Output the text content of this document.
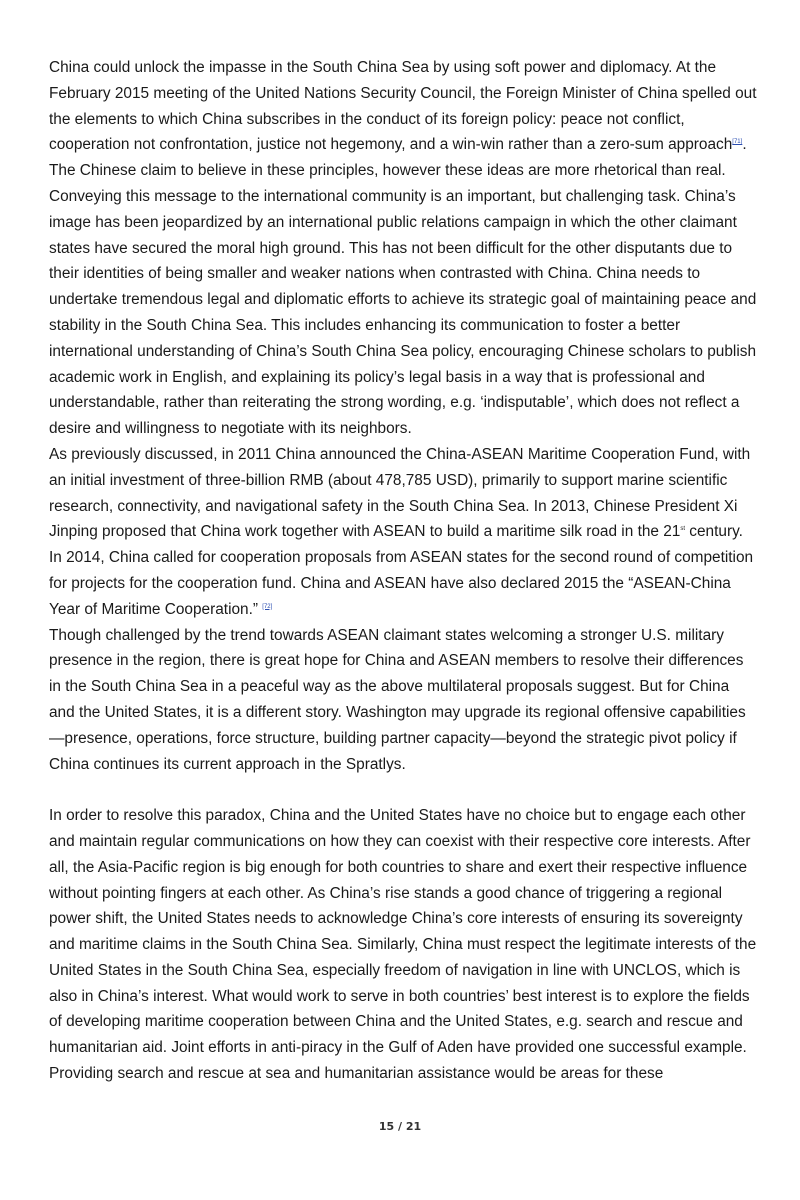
China could unlock the impasse in the South China Sea by using soft power and diplomacy. At the February 2015 meeting of the United Nations Security Council, the Foreign Minister of China spelled out the elements to which China subscribes in the conduct of its foreign policy: peace not conflict, cooperation not confrontation, justice not hegemony, and a win-win rather than a zero-sum approach[71]. The Chinese claim to believe in these principles, however these ideas are more rhetorical than real. Conveying this message to the international community is an important, but challenging task. China’s image has been jeopardized by an international public relations campaign in which the other claimant states have secured the moral high ground. This has not been difficult for the other disputants due to their identities of being smaller and weaker nations when contrasted with China. China needs to undertake tremendous legal and diplomatic efforts to achieve its strategic goal of maintaining peace and stability in the South China Sea. This includes enhancing its communication to foster a better international understanding of China’s South China Sea policy, encouraging Chinese scholars to publish academic work in English, and explaining its policy’s legal basis in a way that is professional and understandable, rather than reiterating the strong wording, e.g. ‘indisputable’, which does not reflect a desire and willingness to negotiate with its neighbors.

As previously discussed, in 2011 China announced the China-ASEAN Maritime Cooperation Fund, with an initial investment of three-billion RMB (about 478,785 USD), primarily to support marine scientific research, connectivity, and navigational safety in the South China Sea. In 2013, Chinese President Xi Jinping proposed that China work together with ASEAN to build a maritime silk road in the 21st century. In 2014, China called for cooperation proposals from ASEAN states for the second round of competition for projects for the cooperation fund. China and ASEAN have also declared 2015 the “ASEAN-China Year of Maritime Cooperation.” [72]

Though challenged by the trend towards ASEAN claimant states welcoming a stronger U.S. military presence in the region, there is great hope for China and ASEAN members to resolve their differences in the South China Sea in a peaceful way as the above multilateral proposals suggest. But for China and the United States, it is a different story. Washington may upgrade its regional offensive capabilities—presence, operations, force structure, building partner capacity—beyond the strategic pivot policy if China continues its current approach in the Spratlys.

In order to resolve this paradox, China and the United States have no choice but to engage each other and maintain regular communications on how they can coexist with their respective core interests. After all, the Asia-Pacific region is big enough for both countries to share and exert their respective influence without pointing fingers at each other. As China’s rise stands a good chance of triggering a regional power shift, the United States needs to acknowledge China’s core interests of ensuring its sovereignty and maritime claims in the South China Sea. Similarly, China must respect the legitimate interests of the United States in the South China Sea, especially freedom of navigation in line with UNCLOS, which is also in China’s interest. What would work to serve in both countries’ best interest is to explore the fields of developing maritime cooperation between China and the United States, e.g. search and rescue and humanitarian aid. Joint efforts in anti-piracy in the Gulf of Aden have provided one successful example. Providing search and rescue at sea and humanitarian assistance would be areas for these

15 / 21
